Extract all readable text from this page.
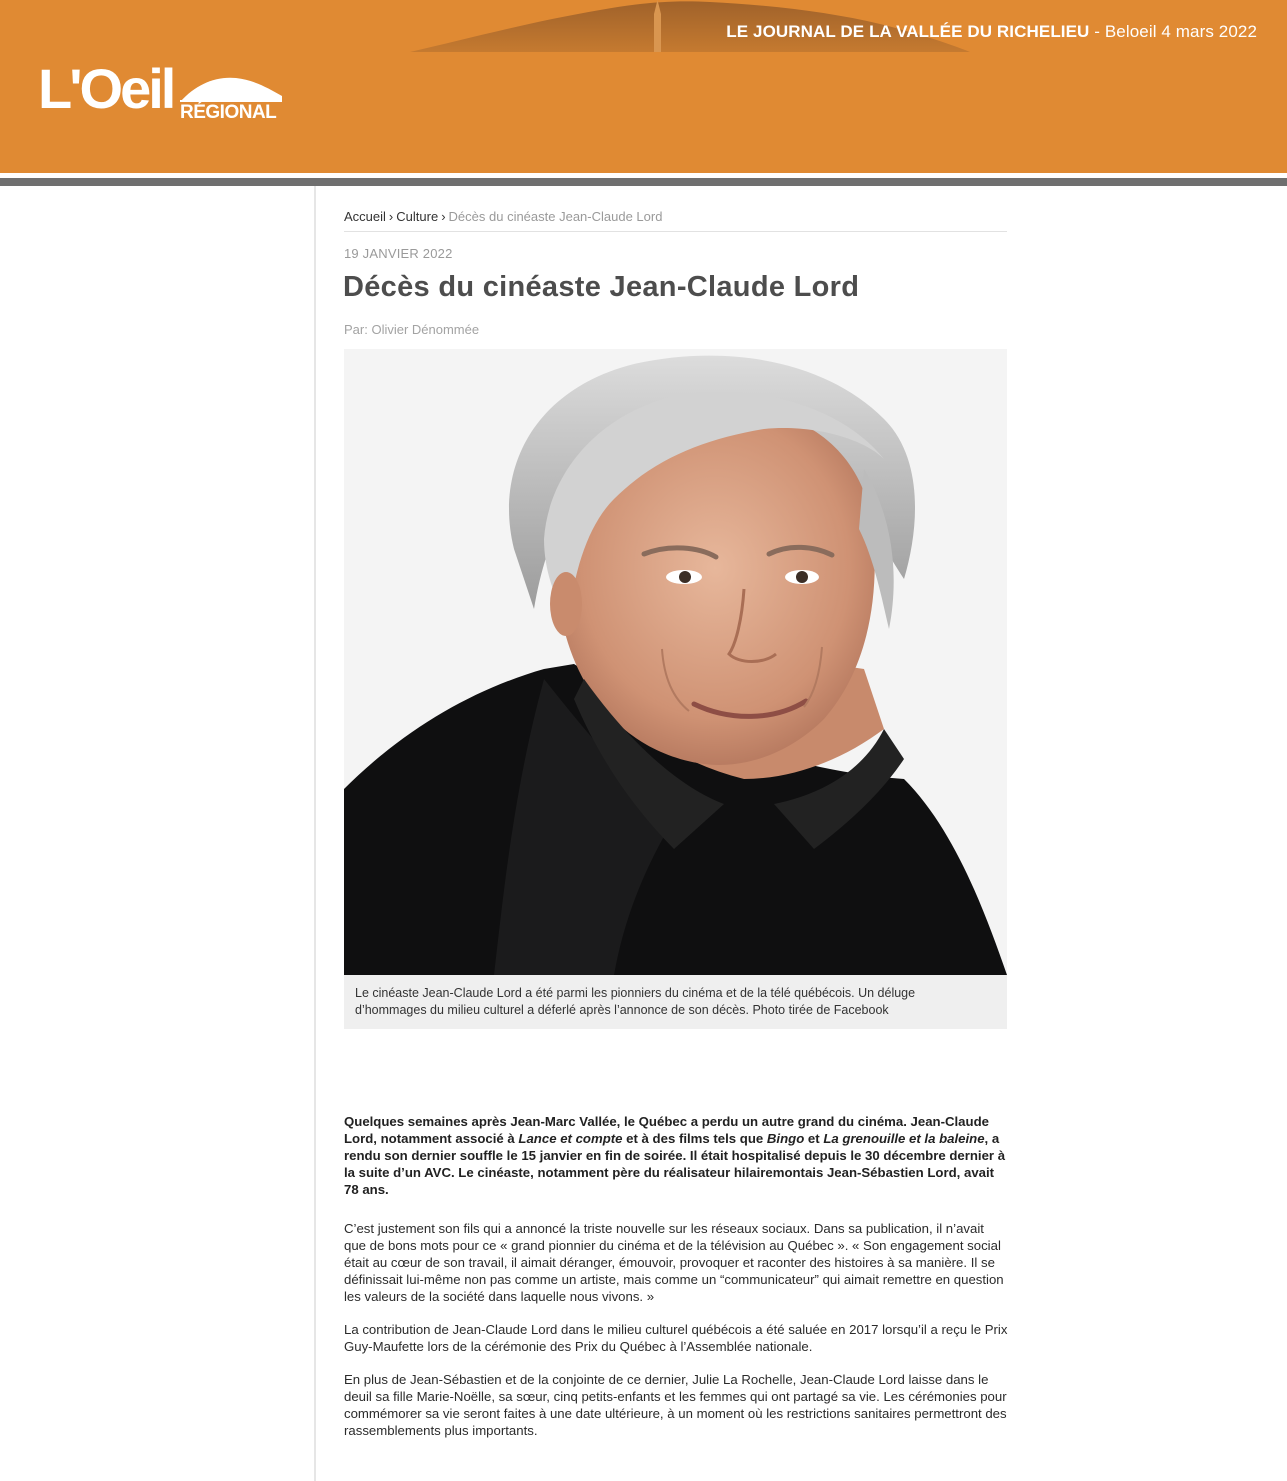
LE JOURNAL DE LA VALLÉE DU RICHELIEU - Beloeil 4 mars 2022
L'Oeil RÉGIONAL
Accueil › Culture › Décès du cinéaste Jean-Claude Lord
19 JANVIER 2022
Décès du cinéaste Jean-Claude Lord
Par: Olivier Dénommée
Le cinéaste Jean-Claude Lord a été parmi les pionniers du cinéma et de la télé québécois. Un déluge d’hommages du milieu culturel a déferlé après l’annonce de son décès. Photo tirée de Facebook

Quelques semaines après Jean-Marc Vallée, le Québec a perdu un autre grand du cinéma. Jean-Claude Lord, notamment associé à Lance et compte et à des films tels que Bingo et La grenouille et la baleine, a rendu son dernier souffle le 15 janvier en fin de soirée. Il était hospitalisé depuis le 30 décembre dernier à la suite d’un AVC. Le cinéaste, notamment père du réalisateur hilairemontais Jean-Sébastien Lord, avait 78 ans.

C’est justement son fils qui a annoncé la triste nouvelle sur les réseaux sociaux. Dans sa publication, il n’avait que de bons mots pour ce « grand pionnier du cinéma et de la télévision au Québec ». « Son engagement social était au cœur de son travail, il aimait déranger, émouvoir, provoquer et raconter des histoires à sa manière. Il se définissait lui-même non pas comme un artiste, mais comme un “communicateur” qui aimait remettre en question les valeurs de la société dans laquelle nous vivons. »

La contribution de Jean-Claude Lord dans le milieu culturel québécois a été saluée en 2017 lorsqu’il a reçu le Prix Guy-Maufette lors de la cérémonie des Prix du Québec à l’Assemblée nationale.

En plus de Jean-Sébastien et de la conjointe de ce dernier, Julie La Rochelle, Jean-Claude Lord laisse dans le deuil sa fille Marie-Noëlle, sa sœur, cinq petits-enfants et les femmes qui ont partagé sa vie. Les cérémonies pour commémorer sa vie seront faites à une date ultérieure, à un moment où les restrictions sanitaires permettront des rassemblements plus importants.
